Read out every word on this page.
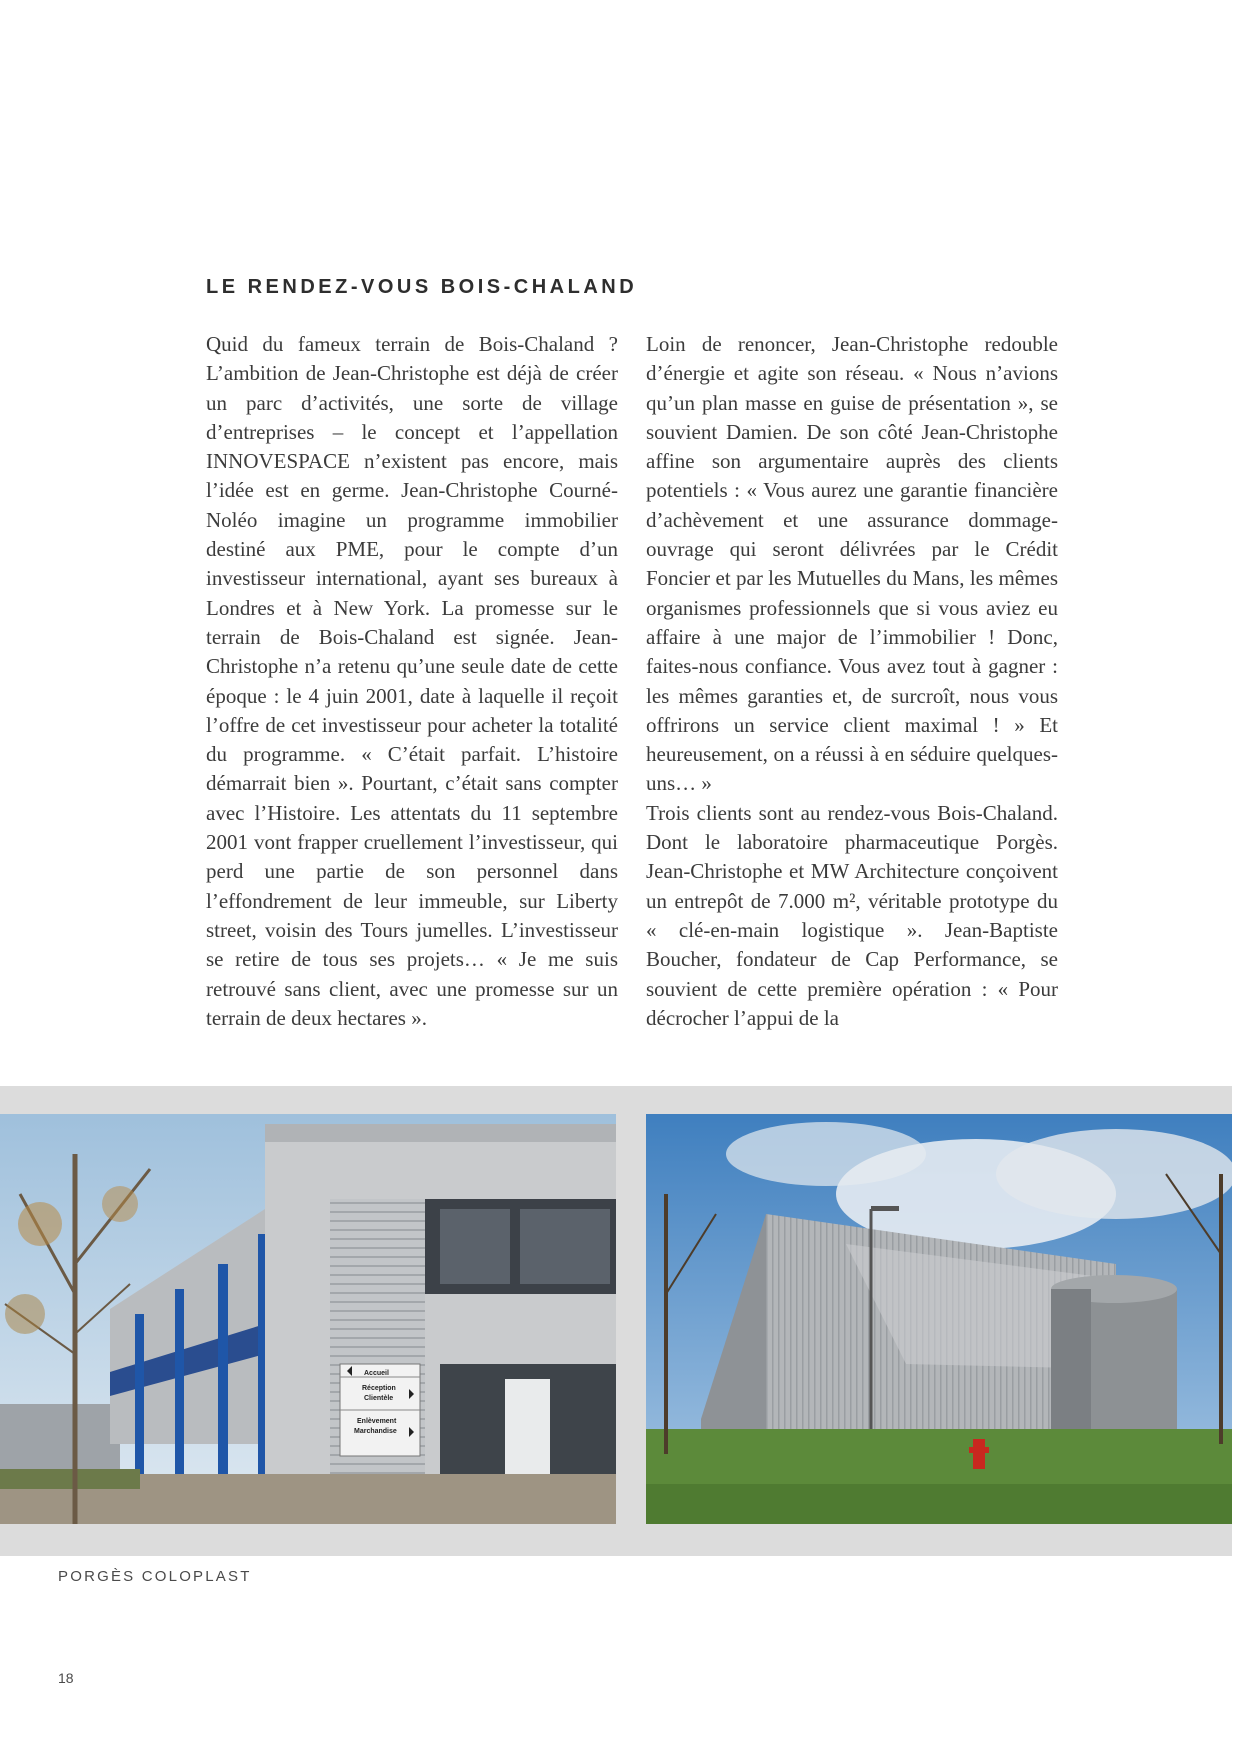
LE RENDEZ-VOUS BOIS-CHALAND

Quid du fameux terrain de Bois-Chaland ? L’ambition de Jean-Christophe est déjà de créer un parc d’activités, une sorte de village d’entreprises – le concept et l’appellation INNOVESPACE n’existent pas encore, mais l’idée est en germe. Jean-Christophe Courné-Noléo imagine un programme immobilier destiné aux PME, pour le compte d’un investisseur international, ayant ses bureaux à Londres et à New York. La promesse sur le terrain de Bois-Chaland est signée. Jean-Christophe n’a retenu qu’une seule date de cette époque : le 4 juin 2001, date à laquelle il reçoit l’offre de cet investisseur pour acheter la totalité du programme. « C’était parfait. L’histoire démarrait bien ». Pourtant, c’était sans compter avec l’Histoire. Les attentats du 11 septembre 2001 vont frapper cruellement l’investisseur, qui perd une partie de son personnel dans l’effondrement de leur immeuble, sur Liberty street, voisin des Tours jumelles. L’investisseur se retire de tous ses projets… « Je me suis retrouvé sans client, avec une promesse sur un terrain de deux hectares ».

Loin de renoncer, Jean-Christophe redouble d’énergie et agite son réseau. « Nous n’avions qu’un plan masse en guise de présentation », se souvient Damien. De son côté Jean-Christophe affine son argumentaire auprès des clients potentiels : « Vous aurez une garantie financière d’achèvement et une assurance dommage-ouvrage qui seront délivrées par le Crédit Foncier et par les Mutuelles du Mans, les mêmes organismes professionnels que si vous aviez eu affaire à une major de l’immobilier ! Donc, faites-nous confiance. Vous avez tout à gagner : les mêmes garanties et, de surcroît, nous vous offrirons un service client maximal ! » Et heureusement, on a réussi à en séduire quelques-uns… »

Trois clients sont au rendez-vous Bois-Chaland. Dont le laboratoire pharmaceutique Porgès. Jean-Christophe et MW Architecture conçoivent un entrepôt de 7.000 m², véritable prototype du « clé-en-main logistique ». Jean-Baptiste Boucher, fondateur de Cap Performance, se souvient de cette première opération : « Pour décrocher l’appui de la

Accueil
Réception
Clientèle
Enlèvement
Marchandise
PORGÈS COLOPLAST
18
